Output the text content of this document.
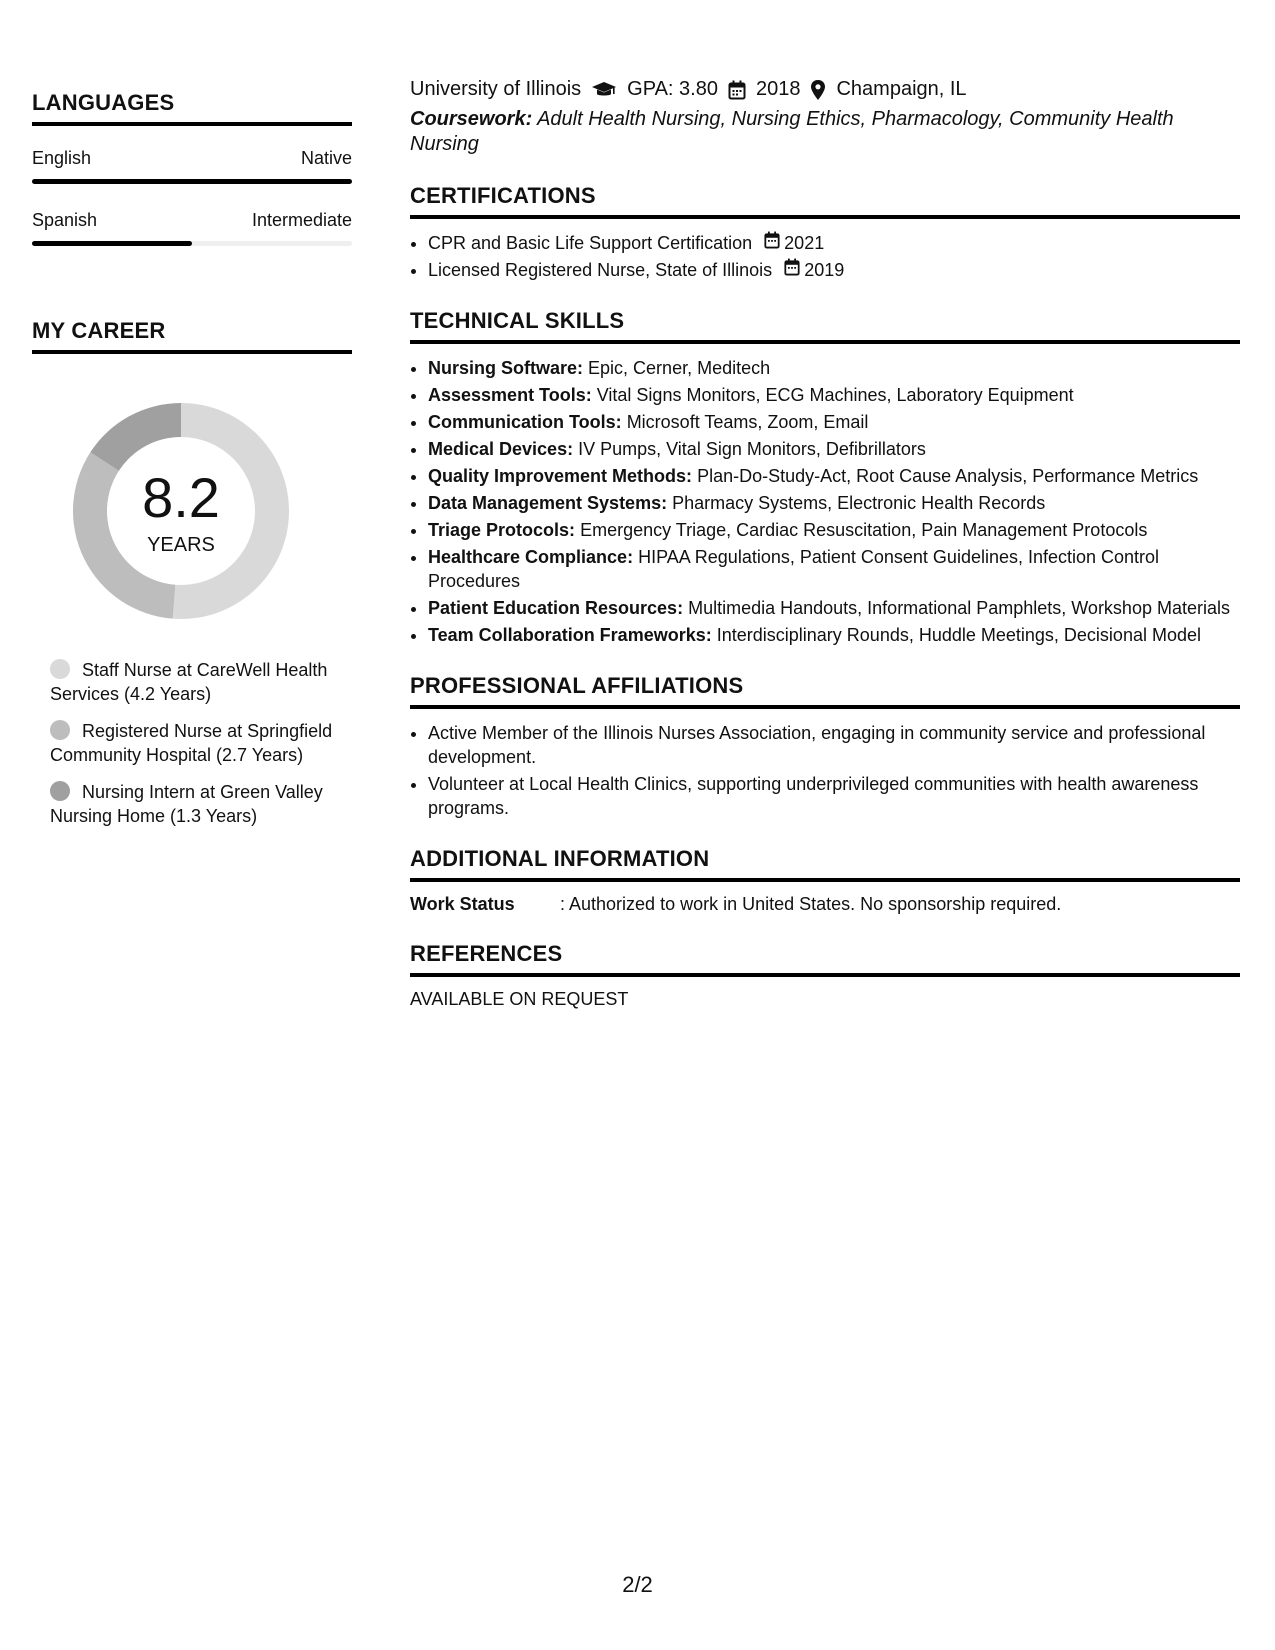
LANGUAGES
English	Native
Spanish	Intermediate
MY CAREER
8.2
YEARS
Staff Nurse at CareWell Health Services (4.2 Years)
Registered Nurse at Springfield Community Hospital (2.7 Years)
Nursing Intern at Green Valley Nursing Home (1.3 Years)
University of Illinois GPA: 3.80 2018 Champaign, IL
Coursework: Adult Health Nursing, Nursing Ethics, Pharmacology, Community Health Nursing
CERTIFICATIONS
• CPR and Basic Life Support Certification 2021
• Licensed Registered Nurse, State of Illinois 2019
TECHNICAL SKILLS
• Nursing Software: Epic, Cerner, Meditech
• Assessment Tools: Vital Signs Monitors, ECG Machines, Laboratory Equipment
• Communication Tools: Microsoft Teams, Zoom, Email
• Medical Devices: IV Pumps, Vital Sign Monitors, Defibrillators
• Quality Improvement Methods: Plan-Do-Study-Act, Root Cause Analysis, Performance Metrics
• Data Management Systems: Pharmacy Systems, Electronic Health Records
• Triage Protocols: Emergency Triage, Cardiac Resuscitation, Pain Management Protocols
• Healthcare Compliance: HIPAA Regulations, Patient Consent Guidelines, Infection Control Procedures
• Patient Education Resources: Multimedia Handouts, Informational Pamphlets, Workshop Materials
• Team Collaboration Frameworks: Interdisciplinary Rounds, Huddle Meetings, Decisional Model
PROFESSIONAL AFFILIATIONS
• Active Member of the Illinois Nurses Association, engaging in community service and professional development.
• Volunteer at Local Health Clinics, supporting underprivileged communities with health awareness programs.
ADDITIONAL INFORMATION
Work Status	: Authorized to work in United States. No sponsorship required.
REFERENCES
AVAILABLE ON REQUEST
2/2
